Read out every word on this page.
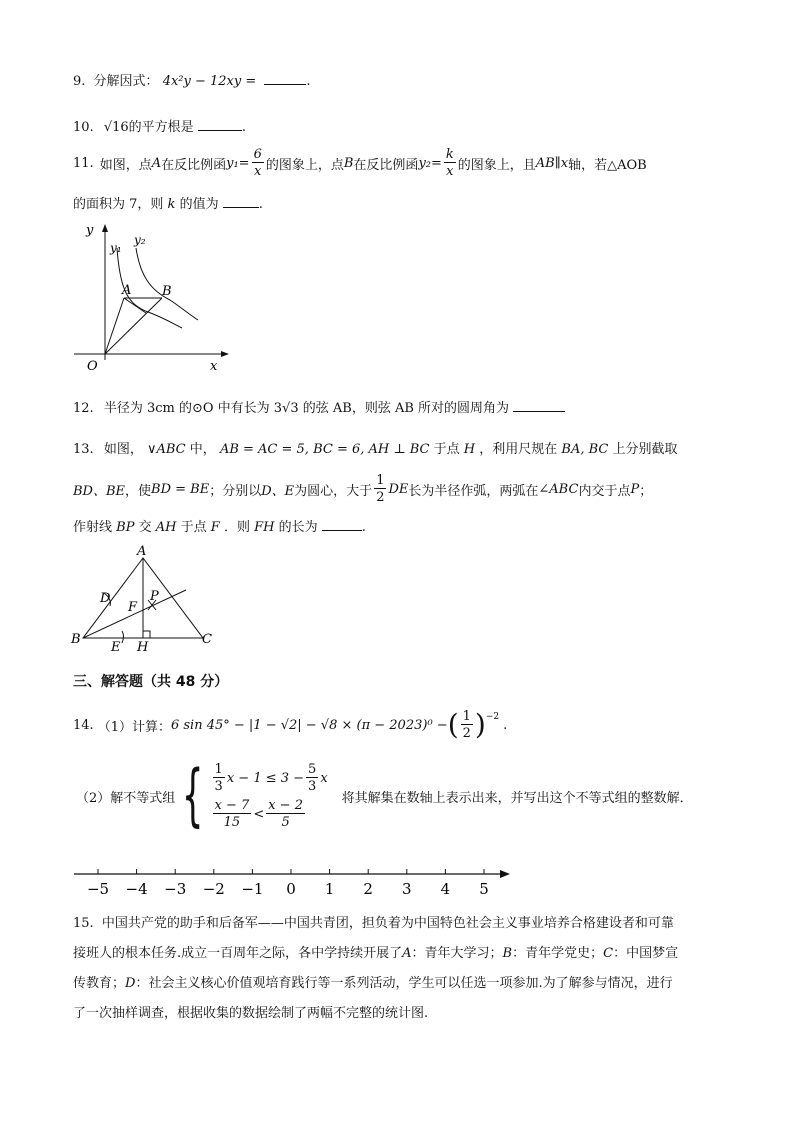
9. 分解因式： 4x²y − 12xy =	.
10. √16的平方根是	.
11. 如图，点 A 在反比例函 $y_1= \frac{6}{x}$ 的图象上，点 B 在反比例函 $y_2= \frac{k}{x}$ 的图象上，且 AB∥x 轴，若△AOB
的面积为 7，则 k 的值为	.
y
y₁
y₂
A B
O	x
12. 半径为 3cm 的⊙O 中有长为 3√3 的弦 AB，则弦 AB 所对的圆周角为
13. 如图， ∨ABC 中， AB = AC = 5, BC = 6, AH ⊥ BC 于点 H ，利用尺规在 BA, BC 上分别截取
BD、BE ，使 BD = BE ；分别以 D、E 为圆心，大于 $\frac{1}{2}$ DE 长为半径作弧，两弧在 ∠ABC 内交于点 P ；
作射线 BP 交 AH 于点 F ．则 FH 的长为	.
A
B	C
D
E
F
H
P
三、解答题（共 48 分）
14. （1）计算： 6 sin 45° − |1 − √2| − √8 × (π − 2023)⁰ − ( $\frac{1}{2}$ ) −2
.
（2）解不等式组 { $\frac{1}{3}$ $x - 1 \le 3 - \frac{5}{3}$ x
$\frac{x - 7}{15} < \frac{x - 2}{5}$
将其解集在数轴上表示出来，并写出这个不等式组的整数解．
−5 −4 −3 −2 −1 0 1 2 3 4 5
15. 中国共产党的助手和后备军——中国共青团，担负着为中国特色社会主义事业培养合格建设者和可靠
接班人的根本任务.成立一百周年之际，各中学持续开展了A：青年大学习；B：青年学党史；C：中国梦宣
传教育；D：社会主义核心价值观培育践行等一系列活动，学生可以任选一项参加.为了解参与情况，进行
了一次抽样调查，根据收集的数据绘制了两幅不完整的统计图.
